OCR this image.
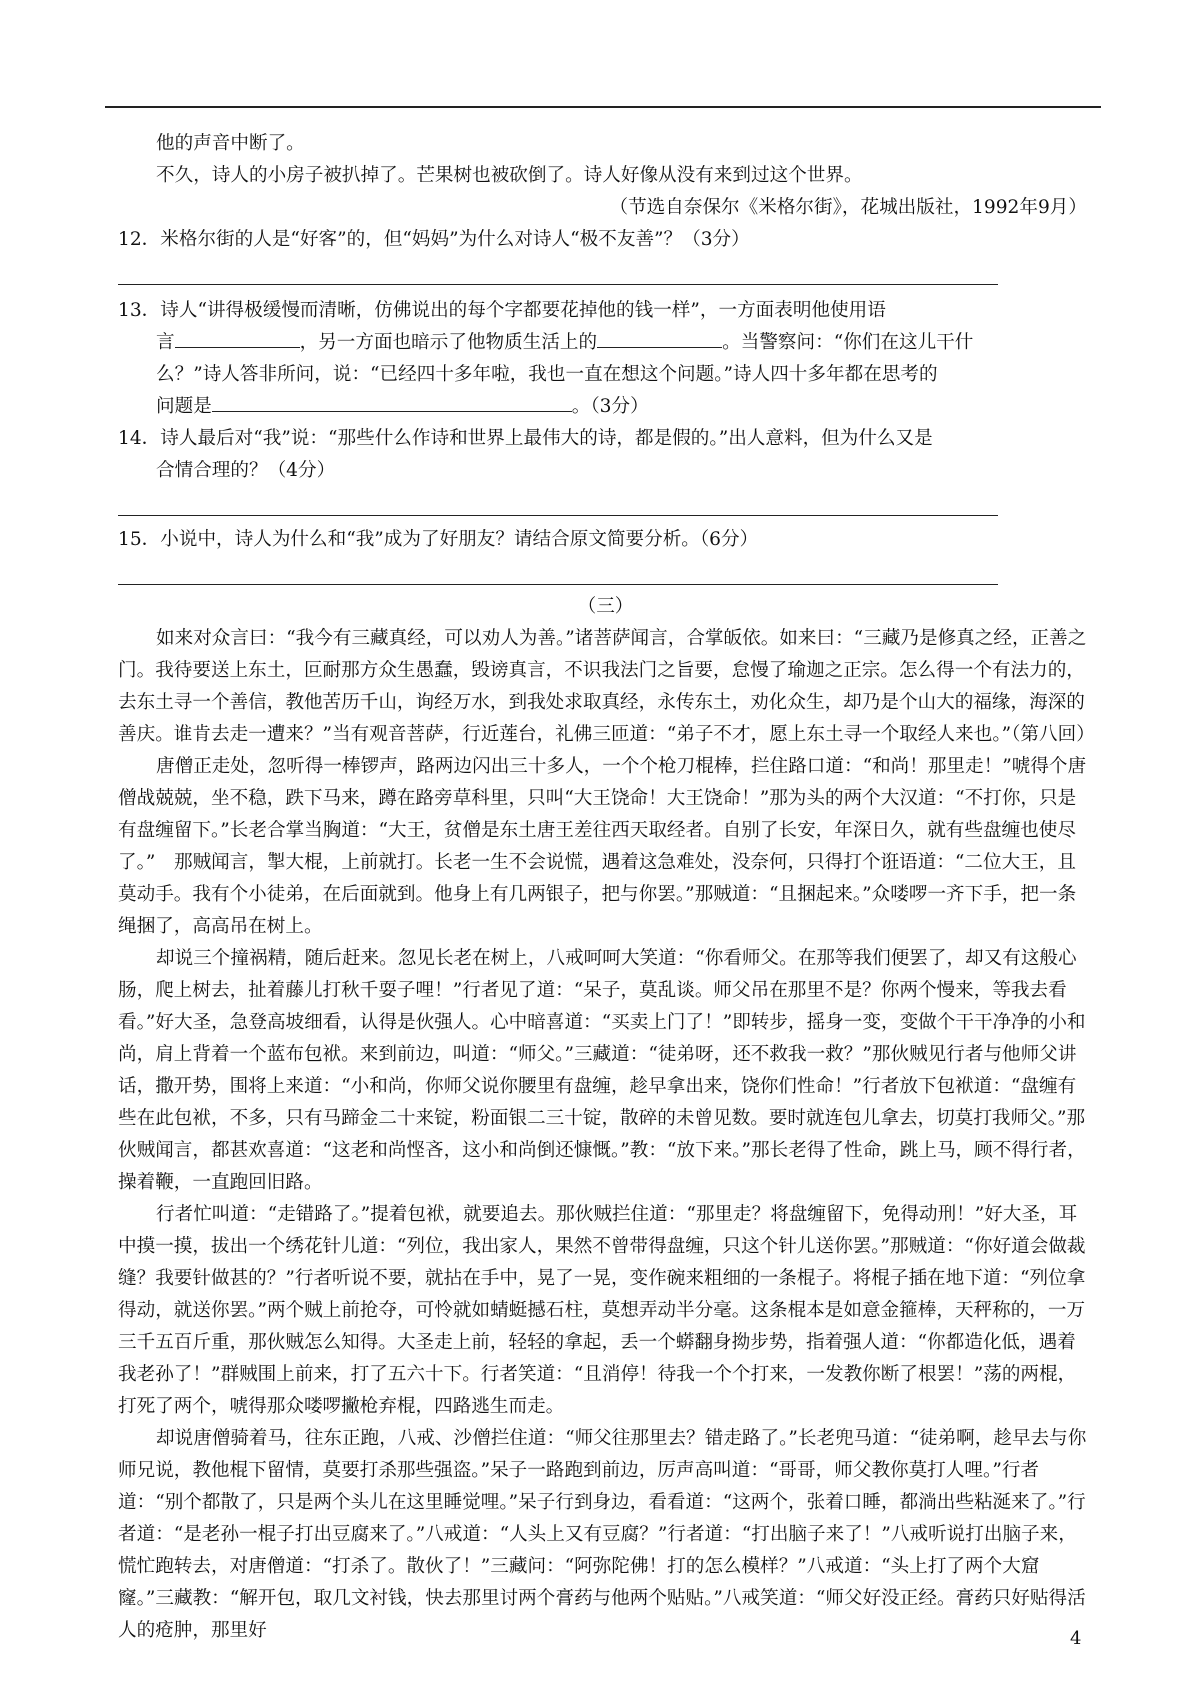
他的声音中断了。

不久，诗人的小房子被扒掉了。芒果树也被砍倒了。诗人好像从没有来到过这个世界。

（节选自奈保尔《米格尔街》，花城出版社，1992年9月）

12．米格尔街的人是“好客”的，但“妈妈”为什么对诗人“极不友善”？（3分）

13．诗人“讲得极缓慢而清晰，仿佛说出的每个字都要花掉他的钱一样”，一方面表明他使用语

言	，另一方面也暗示了他物质生活上的	。当警察问：“你们在这儿干什

么？”诗人答非所问，说：“已经四十多年啦，我也一直在想这个问题。”诗人四十多年都在思考的

问题是	。（3分）

14．诗人最后对“我”说：“那些什么作诗和世界上最伟大的诗，都是假的。”出人意料，但为什么又是

合情合理的？（4分）

15．小说中，诗人为什么和“我”成为了好朋友？请结合原文简要分析。（6分）

（三）

如来对众言曰：“我今有三藏真经，可以劝人为善。”诸菩萨闻言，合掌皈依。如来曰：“三藏乃是修真之经，正善之门。我待要送上东土，叵耐那方众生愚蠢，毁谤真言，不识我法门之旨要，怠慢了瑜迦之正宗。怎么得一个有法力的，去东土寻一个善信，教他苦历千山，询经万水，到我处求取真经，永传东土，劝化众生，却乃是个山大的福缘，海深的善庆。谁肯去走一遭来？”当有观音菩萨，行近莲台，礼佛三匝道：“弟子不才，愿上东土寻一个取经人来也。”（第八回）

唐僧正走处，忽听得一棒锣声，路两边闪出三十多人，一个个枪刀棍棒，拦住路口道：“和尚！那里走！”唬得个唐僧战兢兢，坐不稳，跌下马来，蹲在路旁草科里，只叫“大王饶命！大王饶命！”那为头的两个大汉道：“不打你，只是有盘缠留下。”长老合掌当胸道：“大王，贫僧是东土唐王差往西天取经者。自别了长安，年深日久，就有些盘缠也使尽了。”　那贼闻言，掣大棍，上前就打。长老一生不会说慌，遇着这急难处，没奈何，只得打个诳语道：“二位大王，且莫动手。我有个小徒弟，在后面就到。他身上有几两银子，把与你罢。”那贼道：“且捆起来。”众喽啰一齐下手，把一条绳捆了，高高吊在树上。

却说三个撞祸精，随后赶来。忽见长老在树上，八戒呵呵大笑道：“你看师父。在那等我们便罢了，却又有这般心肠，爬上树去，扯着藤儿打秋千耍子哩！”行者见了道：“呆子，莫乱谈。师父吊在那里不是？你两个慢来，等我去看看。”好大圣，急登高坡细看，认得是伙强人。心中暗喜道：“买卖上门了！”即转步，摇身一变，变做个干干净净的小和尚，肩上背着一个蓝布包袱。来到前边，叫道：“师父。”三藏道：“徒弟呀，还不救我一救？”那伙贼见行者与他师父讲话，撒开势，围将上来道：“小和尚，你师父说你腰里有盘缠，趁早拿出来，饶你们性命！”行者放下包袱道：“盘缠有些在此包袱，不多，只有马蹄金二十来锭，粉面银二三十锭，散碎的未曾见数。要时就连包儿拿去，切莫打我师父。”那伙贼闻言，都甚欢喜道：“这老和尚悭吝，这小和尚倒还慷慨。”教：“放下来。”那长老得了性命，跳上马，顾不得行者，操着鞭，一直跑回旧路。

行者忙叫道：“走错路了。”提着包袱，就要追去。那伙贼拦住道：“那里走？将盘缠留下，免得动刑！”好大圣，耳中摸一摸，拔出一个绣花针儿道：“列位，我出家人，果然不曾带得盘缠，只这个针儿送你罢。”那贼道：“你好道会做裁缝？我要针做甚的？”行者听说不要，就拈在手中，晃了一晃，变作碗来粗细的一条棍子。将棍子插在地下道：“列位拿得动，就送你罢。”两个贼上前抢夺，可怜就如蜻蜓撼石柱，莫想弄动半分毫。这条棍本是如意金箍棒，天秤称的，一万三千五百斤重，那伙贼怎么知得。大圣走上前，轻轻的拿起，丢一个蟒翻身拗步势，指着强人道：“你都造化低，遇着我老孙了！”群贼围上前来，打了五六十下。行者笑道：“且消停！待我一个个打来，一发教你断了根罢！”荡的两棍，打死了两个，唬得那众喽啰撇枪弃棍，四路逃生而走。

却说唐僧骑着马，往东正跑，八戒、沙僧拦住道：“师父往那里去？错走路了。”长老兜马道：“徒弟啊，趁早去与你师兄说，教他棍下留情，莫要打杀那些强盗。”呆子一路跑到前边，厉声高叫道：“哥哥，师父教你莫打人哩。”行者道：“别个都散了，只是两个头儿在这里睡觉哩。”呆子行到身边，看看道：“这两个，张着口睡，都淌出些粘涎来了。”行者道：“是老孙一棍子打出豆腐来了。”八戒道：“人头上又有豆腐？”行者道：“打出脑子来了！”八戒听说打出脑子来，慌忙跑转去，对唐僧道：“打杀了。散伙了！”三藏问：“阿弥陀佛！打的怎么模样？”八戒道：“头上打了两个大窟窿。”三藏教：“解开包，取几文衬钱，快去那里讨两个膏药与他两个贴贴。”八戒笑道：“师父好没正经。膏药只好贴得活人的疮肿，那里好	4
